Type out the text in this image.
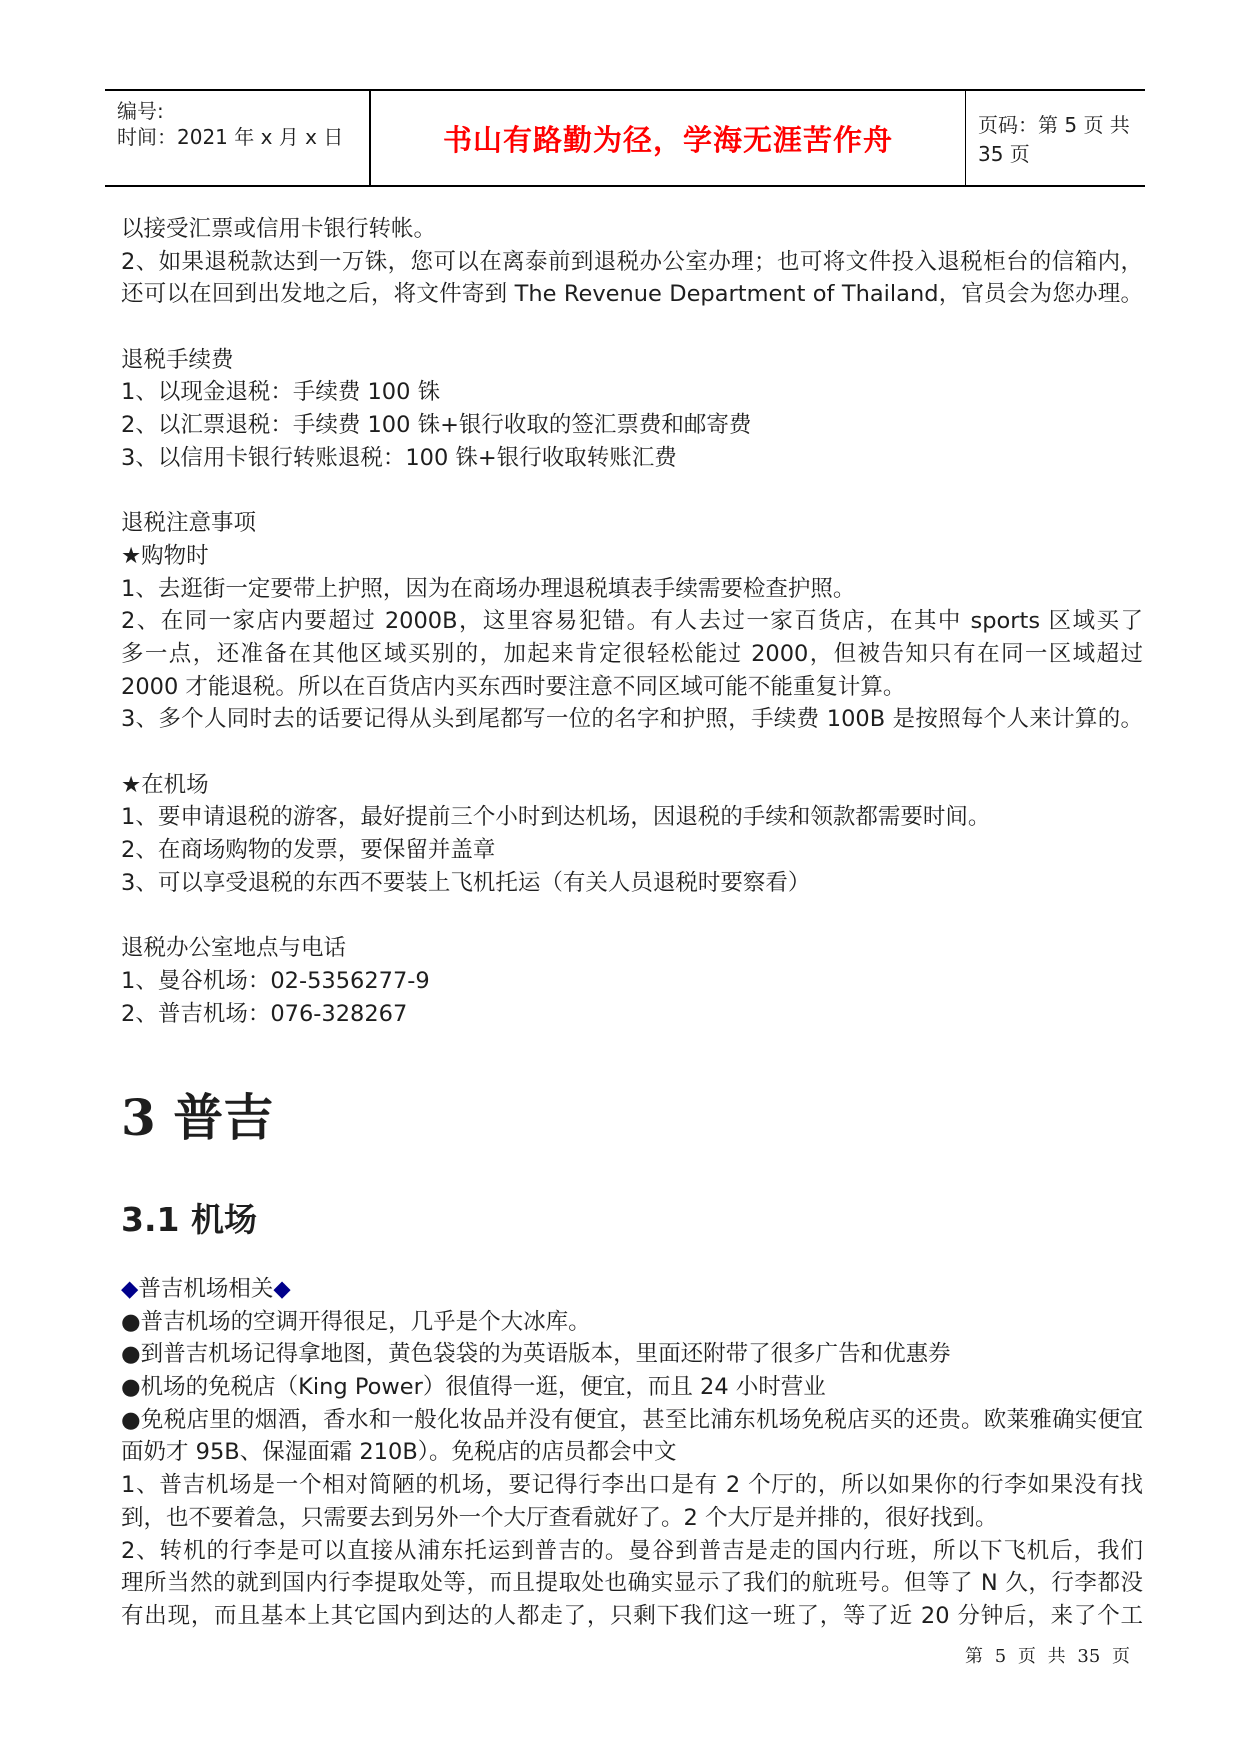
编号:
时间：2021 年 x 月 x 日	书山有路勤为径，学海无涯苦作舟	页码：第 5 页 共 35 页
以接受汇票或信用卡银行转帐。
2、如果退税款达到一万铢，您可以在离泰前到退税办公室办理；也可将文件投入退税柜台的信箱内，
还可以在回到出发地之后，将文件寄到 The Revenue Department of Thailand，官员会为您办理。
退税手续费
1、以现金退税：手续费 100 铢
2、以汇票退税：手续费 100 铢+银行收取的签汇票费和邮寄费
3、以信用卡银行转账退税：100 铢+银行收取转账汇费
退税注意事项
★购物时
1、去逛街一定要带上护照，因为在商场办理退税填表手续需要检查护照。
2、在同一家店内要超过 2000B，这里容易犯错。有人去过一家百货店，在其中 sports 区域买了
多一点，还准备在其他区域买别的，加起来肯定很轻松能过 2000，但被告知只有在同一区域超过
2000 才能退税。所以在百货店内买东西时要注意不同区域可能不能重复计算。
3、多个人同时去的话要记得从头到尾都写一位的名字和护照，手续费 100B 是按照每个人来计算的。
★在机场
1、要申请退税的游客，最好提前三个小时到达机场，因退税的手续和领款都需要时间。
2、在商场购物的发票，要保留并盖章
3、可以享受退税的东西不要装上飞机托运（有关人员退税时要察看）
退税办公室地点与电话
1、曼谷机场：02-5356277-9
2、普吉机场：076-328267
3 普吉
3.1 机场
◆普吉机场相关◆
●普吉机场的空调开得很足，几乎是个大冰库。
●到普吉机场记得拿地图，黄色袋袋的为英语版本，里面还附带了很多广告和优惠券
●机场的免税店（King Power）很值得一逛，便宜，而且 24 小时营业
●免税店里的烟酒，香水和一般化妆品并没有便宜，甚至比浦东机场免税店买的还贵。欧莱雅确实便宜
面奶才 95B、保湿面霜 210B）。免税店的店员都会中文
1、普吉机场是一个相对简陋的机场，要记得行李出口是有 2 个厅的，所以如果你的行李如果没有找
到，也不要着急，只需要去到另外一个大厅查看就好了。2 个大厅是并排的，很好找到。
2、转机的行李是可以直接从浦东托运到普吉的。曼谷到普吉是走的国内行班，所以下飞机后，我们
理所当然的就到国内行李提取处等，而且提取处也确实显示了我们的航班号。但等了 N 久，行李都没
有出现，而且基本上其它国内到达的人都走了，只剩下我们这一班了，等了近 20 分钟后，来了个工
第 5 页 共 35 页
